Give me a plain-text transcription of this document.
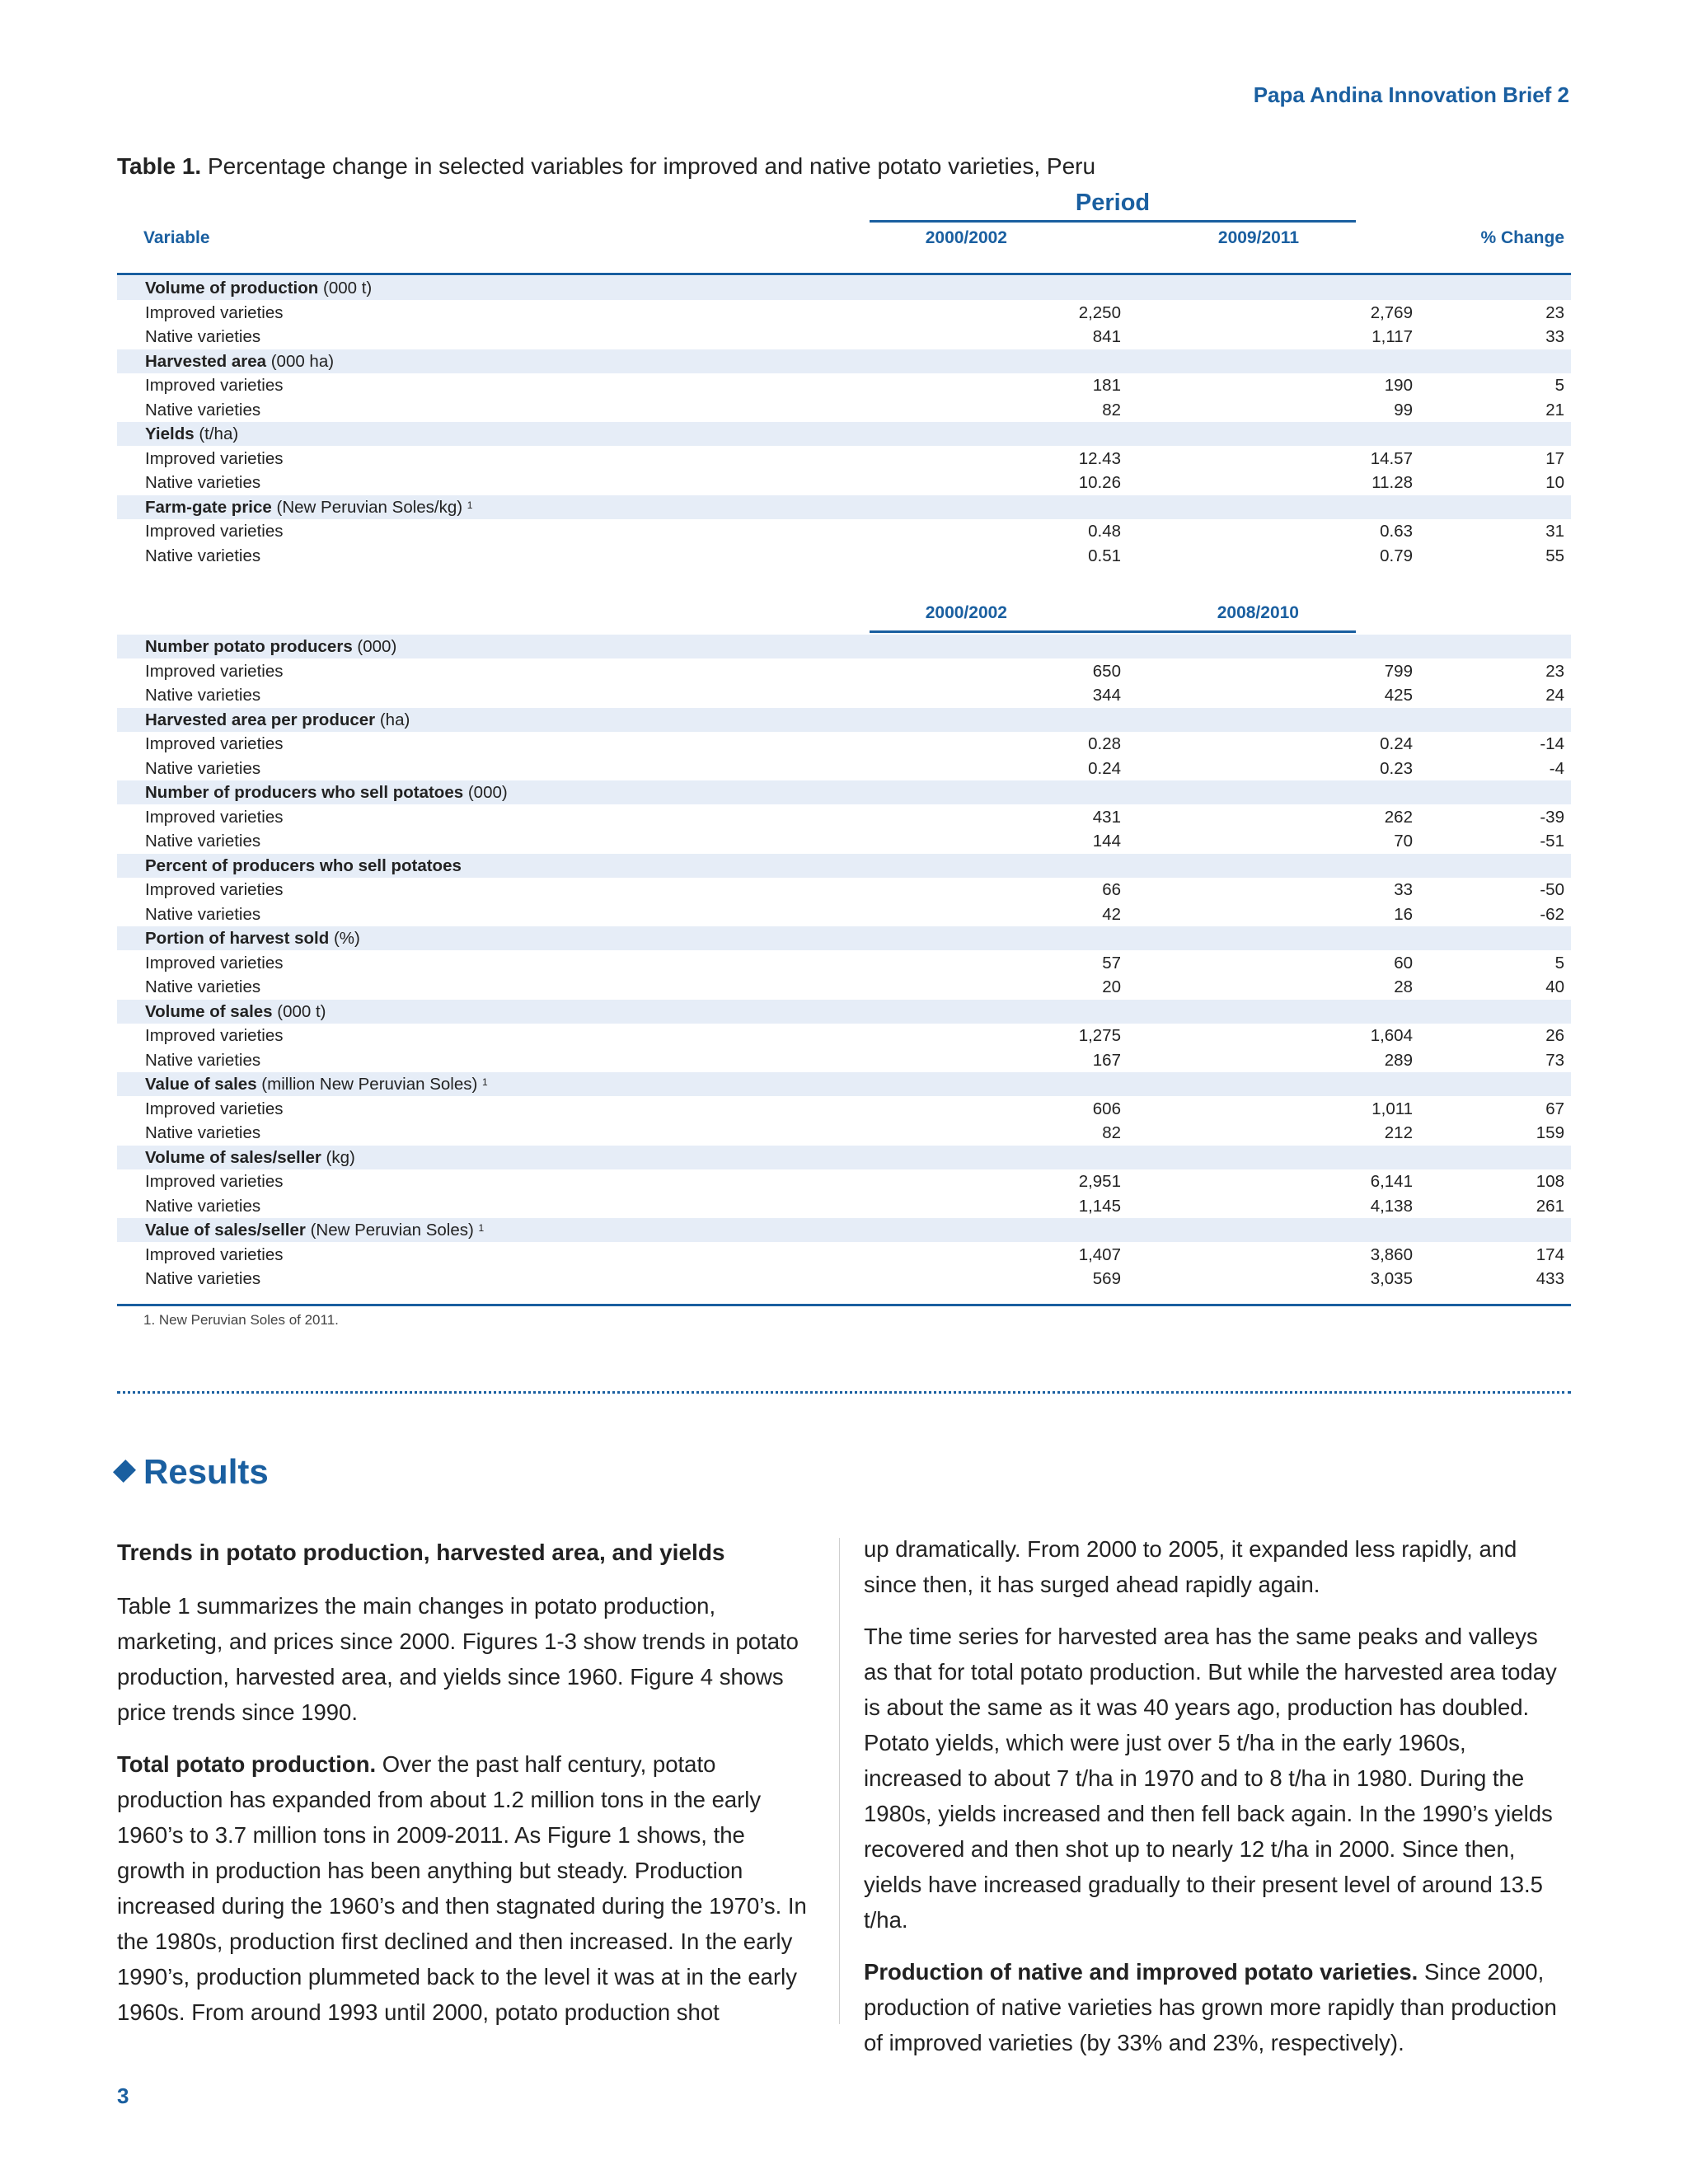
Papa Andina Innovation Brief 2
Table 1. Percentage change in selected variables for improved and native potato varieties, Peru
Period
Variable	2000/2002	2009/2011	% Change
Volume of production (000 t)
Improved varieties	2,250	2,769	23
Native varieties	841	1,117	33
Harvested area (000 ha)
Improved varieties	181	190	5
Native varieties	82	99	21
Yields (t/ha)
Improved varieties	12.43	14.57	17
Native varieties	10.26	11.28	10
Farm-gate price (New Peruvian Soles/kg) $^1$
Improved varieties	0.48	0.63	31
Native varieties	0.51	0.79	55
2000/2002	2008/2010
Number potato producers (000)
Improved varieties	650	799	23
Native varieties	344	425	24
Harvested area per producer (ha)
Improved varieties	0.28	0.24	-14
Native varieties	0.24	0.23	-4
Number of producers who sell potatoes (000)
Improved varieties	431	262	-39
Native varieties	144	70	-51
Percent of producers who sell potatoes
Improved varieties	66	33	-50
Native varieties	42	16	-62
Portion of harvest sold (%)
Improved varieties	57	60	5
Native varieties	20	28	40
Volume of sales (000 t)
Improved varieties	1,275	1,604	26
Native varieties	167	289	73
Value of sales (million New Peruvian Soles) $^1$
Improved varieties	606	1,011	67
Native varieties	82	212	159
Volume of sales/seller (kg)
Improved varieties	2,951	6,141	108
Native varieties	1,145	4,138	261
Value of sales/seller (New Peruvian Soles) $^1$
Improved varieties	1,407	3,860	174
Native varieties	569	3,035	433
1. New Peruvian Soles of 2011.
Results
Trends in potato production, harvested area, and yields

Table 1 summarizes the main changes in potato production, marketing, and prices since 2000. Figures 1-3 show trends in potato production, harvested area, and yields since 1960. Figure 4 shows price trends since 1990.

Total potato production. Over the past half century, potato production has expanded from about 1.2 million tons in the early 1960’s to 3.7 million tons in 2009-2011. As Figure 1 shows, the growth in production has been anything but steady. Production increased during the 1960’s and then stagnated during the 1970’s. In the 1980s, production first declined and then increased. In the early 1990’s, production plummeted back to the level it was at in the early 1960s. From around 1993 until 2000, potato production shot

up dramatically. From 2000 to 2005, it expanded less rapidly, and since then, it has surged ahead rapidly again.

The time series for harvested area has the same peaks and valleys as that for total potato production. But while the harvested area today is about the same as it was 40 years ago, production has doubled. Potato yields, which were just over 5 t/ha in the early 1960s, increased to about 7 t/ha in 1970 and to 8 t/ha in 1980. During the 1980s, yields increased and then fell back again. In the 1990’s yields recovered and then shot up to nearly 12 t/ha in 2000. Since then, yields have increased gradually to their present level of around 13.5 t/ha.

Production of native and improved potato varieties. Since 2000, production of native varieties has grown more rapidly than production of improved varieties (by 33% and 23%, respectively).

3
